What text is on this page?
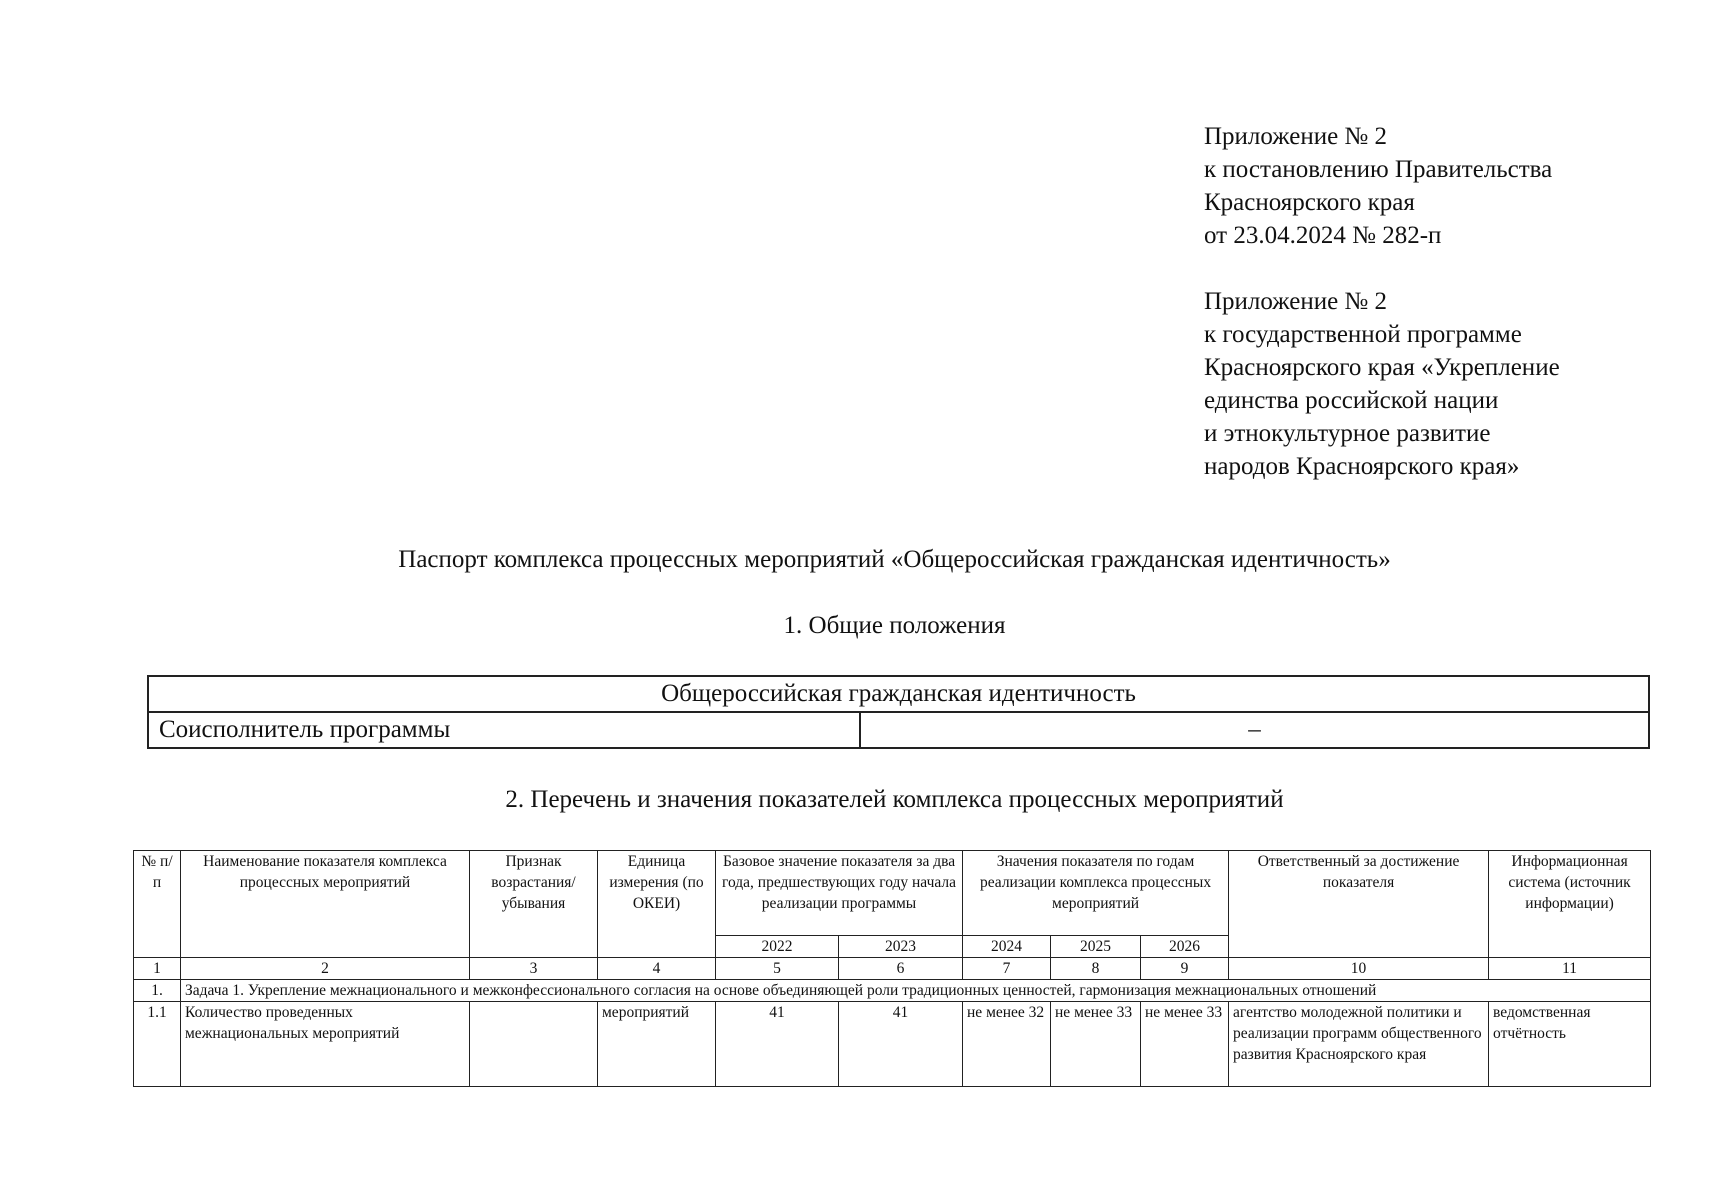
Приложение № 2
к постановлению Правительства
Красноярского края
от 23.04.2024 № 282-п
Приложение № 2
к государственной программе
Красноярского края «Укрепление
единства российской нации
и этнокультурное развитие
народов Красноярского края»
Паспорт комплекса процессных мероприятий «Общероссийская гражданская идентичность»
1. Общие положения
Общероссийская гражданская идентичность
Соисполнитель программы	–
2. Перечень и значения показателей комплекса процессных мероприятий
№ п/п	Наименование показателя комплекса процессных мероприятий	Признак возрастания/ убывания	Единица измерения (по ОКЕИ)	Базовое значение показателя за два года, предшествующих году начала реализации программы		Значения показателя по годам реализации комплекса процессных мероприятий			Ответственный за достижение показателя	Информационная система (источник информации)
				2022	2023	2024	2025	2026		
1	2	3	4	5	6	7	8	9	10	11
1.	Задача 1. Укрепление межнационального и межконфессионального согласия на основе объединяющей роли традиционных ценностей, гармонизация межнациональных отношений									
1.1	Количество проведенных межнациональных мероприятий		мероприятий	41	41	не менее 32	не менее 33	не менее 33	агентство молодежной политики и реализации программ общественного развития Красноярского края	ведомственная отчётность
